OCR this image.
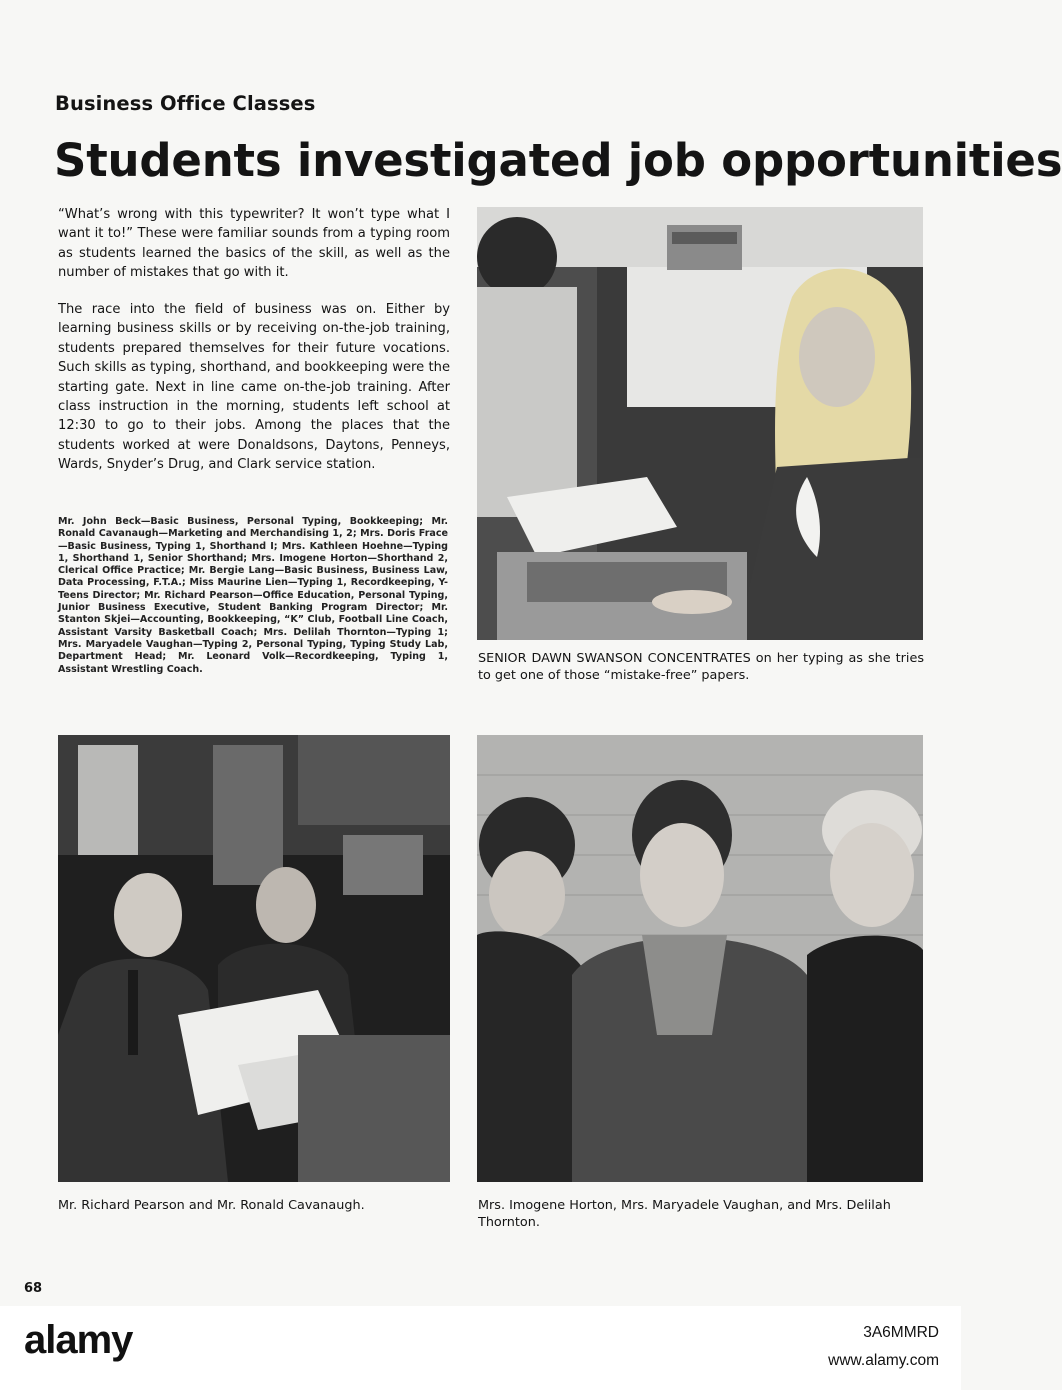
Business Office Classes
Students investigated job opportunities
“What’s wrong with this typewriter? It won’t type what I want it to!” These were familiar sounds from a typing room as students learned the basics of the skill, as well as the number of mistakes that go with it.
The race into the field of business was on. Either by learning business skills or by receiving on-the-job training, students prepared themselves for their future vocations. Such skills as typing, shorthand, and bookkeeping were the starting gate. Next in line came on-the-job training. After class instruction in the morning, students left school at 12:30 to go to their jobs. Among the places that the students worked at were Donaldsons, Daytons, Penneys, Wards, Snyder’s Drug, and Clark service station.
Mr. John Beck—Basic Business, Personal Typing, Bookkeeping; Mr. Ronald Cavanaugh—Marketing and Merchandising 1, 2; Mrs. Doris Frace—Basic Business, Typing 1, Shorthand I; Mrs. Kathleen Hoehne—Typing 1, Shorthand 1, Senior Shorthand; Mrs. Imogene Horton—Shorthand 2, Clerical Office Practice; Mr. Bergie Lang—Basic Business, Business Law, Data Processing, F.T.A.; Miss Maurine Lien—Typing 1, Recordkeeping, Y-Teens Director; Mr. Richard Pearson—Office Education, Personal Typing, Junior Business Executive, Student Banking Program Director; Mr. Stanton Skjei—Accounting, Bookkeeping, “K” Club, Football Line Coach, Assistant Varsity Basketball Coach; Mrs. Delilah Thornton—Typing 1; Mrs. Maryadele Vaughan—Typing 2, Personal Typing, Typing Study Lab, Department Head; Mr. Leonard Volk—Recordkeeping, Typing 1, Assistant Wrestling Coach.
SENIOR DAWN SWANSON CONCENTRATES on her typing as she tries to get one of those “mistake-free” papers.
Mr. Richard Pearson and Mr. Ronald Cavanaugh.	Mrs. Imogene Horton, Mrs. Maryadele Vaughan, and Mrs. Delilah Thornton.
68
alamy	3A6MMRD
www.alamy.com
